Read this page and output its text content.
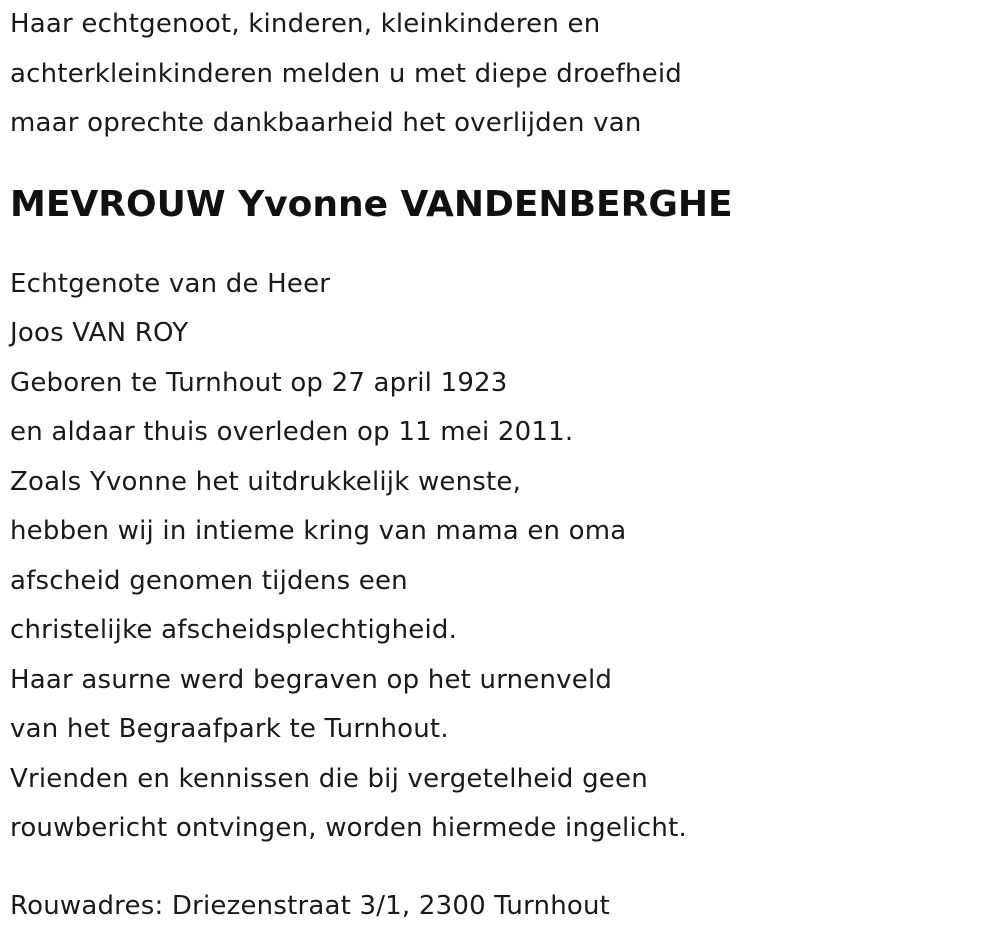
Haar echtgenoot, kinderen, kleinkinderen en
achterkleinkinderen melden u met diepe droefheid
maar oprechte dankbaarheid het overlijden van
MEVROUW Yvonne VANDENBERGHE
Echtgenote van de Heer
Joos VAN ROY
Geboren te Turnhout op 27 april 1923
en aldaar thuis overleden op 11 mei 2011.
Zoals Yvonne het uitdrukkelijk wenste,
hebben wij in intieme kring van mama en oma
afscheid genomen tijdens een
christelijke afscheidsplechtigheid.
Haar asurne werd begraven op het urnenveld
van het Begraafpark te Turnhout.
Vrienden en kennissen die bij vergetelheid geen
rouwbericht ontvingen, worden hiermede ingelicht.
Rouwadres: Driezenstraat 3/1, 2300 Turnhout
